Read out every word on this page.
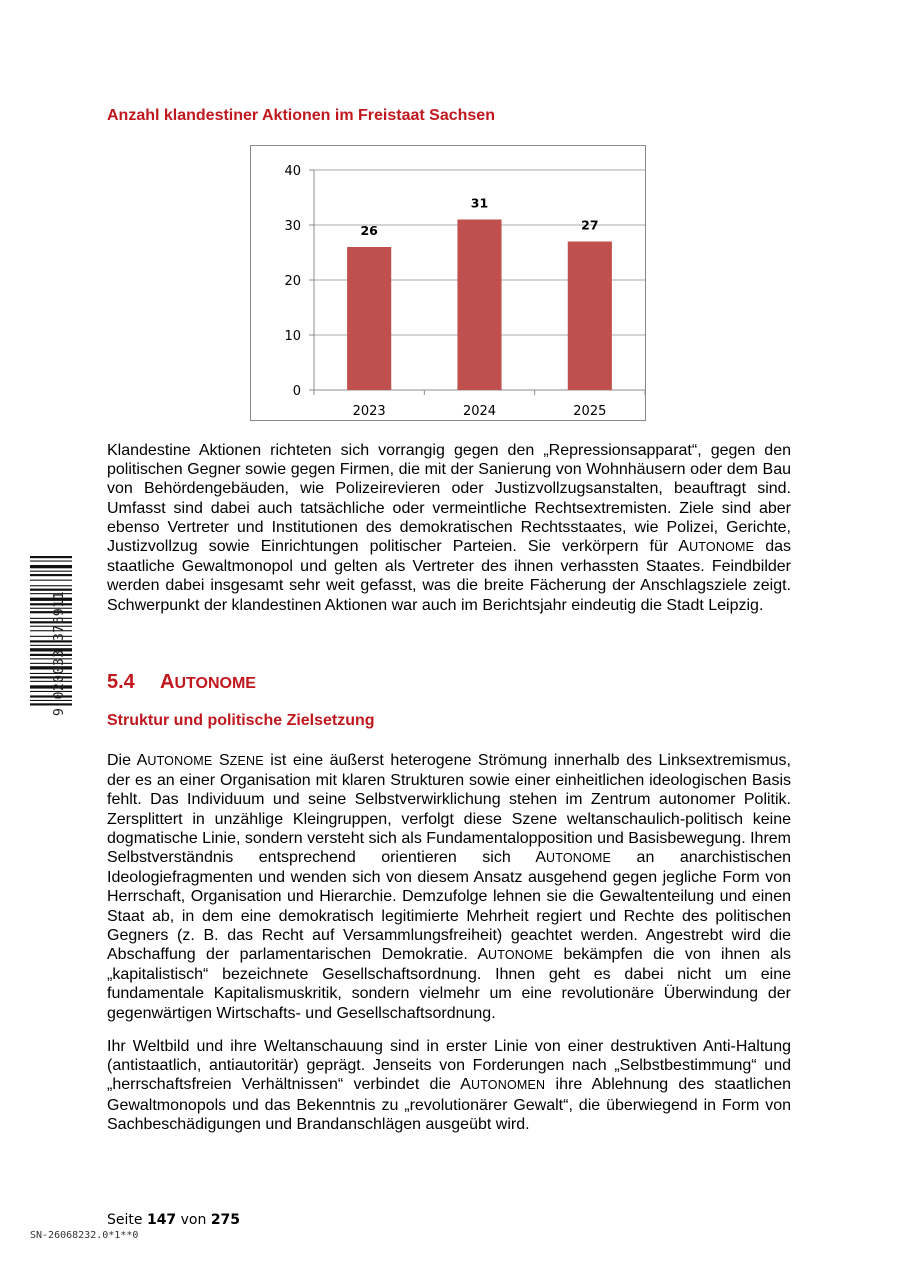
Anzahl klandestiner Aktionen im Freistaat Sachsen
0
10
20
30
40
26
2023
31
2024
27
2025
Klandestine Aktionen richteten sich vorrangig gegen den „Repressionsapparat“, gegen den politischen Gegner sowie gegen Firmen, die mit der Sanierung von Wohnhäusern oder dem Bau von Behördengebäuden, wie Polizeirevieren oder Justizvollzugsanstalten, beauftragt sind. Umfasst sind dabei auch tatsächliche oder vermeintliche Rechtsextremisten. Ziele sind aber ebenso Vertreter und Institutionen des demokratischen Rechtsstaates, wie Polizei, Gerichte, Justizvollzug sowie Einrichtungen politischer Parteien. Sie verkörpern für AUTONOME das staatliche Gewaltmonopol und gelten als Vertreter des ihnen verhassten Staates. Feindbilder werden dabei insgesamt sehr weit gefasst, was die breite Fächerung der Anschlagsziele zeigt. Schwerpunkt der klandestinen Aktionen war auch im Berichtsjahr eindeutig die Stadt Leipzig.
5.4	AUTONOME
Struktur und politische Zielsetzung
Die AUTONOME SZENE ist eine äußerst heterogene Strömung innerhalb des Linksextremismus, der es an einer Organisation mit klaren Strukturen sowie einer einheitlichen ideologischen Basis fehlt. Das Individuum und seine Selbstverwirklichung stehen im Zentrum autonomer Politik. Zersplittert in unzählige Kleingruppen, verfolgt diese Szene weltanschaulich-politisch keine dogmatische Linie, sondern versteht sich als Fundamentalopposition und Basisbewegung. Ihrem Selbstverständnis entsprechend orientieren sich AUTONOME an anarchistischen Ideologiefragmenten und wenden sich von diesem Ansatz ausgehend gegen jegliche Form von Herrschaft, Organisation und Hierarchie. Demzufolge lehnen sie die Gewaltenteilung und einen Staat ab, in dem eine demokratisch legitimierte Mehrheit regiert und Rechte des politischen Gegners (z. B. das Recht auf Versammlungsfreiheit) geachtet werden. Angestrebt wird die Abschaffung der parlamentarischen Demokratie. AUTONOME bekämpfen die von ihnen als „kapitalistisch“ bezeichnete Gesellschaftsordnung. Ihnen geht es dabei nicht um eine fundamentale Kapitalismuskritik, sondern vielmehr um eine revolutionäre Überwindung der gegenwärtigen Wirtschafts- und Gesellschaftsordnung.
Ihr Weltbild und ihre Weltanschauung sind in erster Linie von einer destruktiven Anti-Haltung (antistaatlich, antiautoritär) geprägt. Jenseits von Forderungen nach „Selbstbestimmung“ und „herrschaftsfreien Verhältnissen“ verbindet die AUTONOMEN ihre Ablehnung des staatlichen Gewaltmonopols und das Bekenntnis zu „revolutionärer Gewalt“, die überwiegend in Form von Sachbeschädigungen und Brandanschlägen ausgeübt wird.
9 020033 376911
Seite 147 von 275
SN-26068232.0*1**0
